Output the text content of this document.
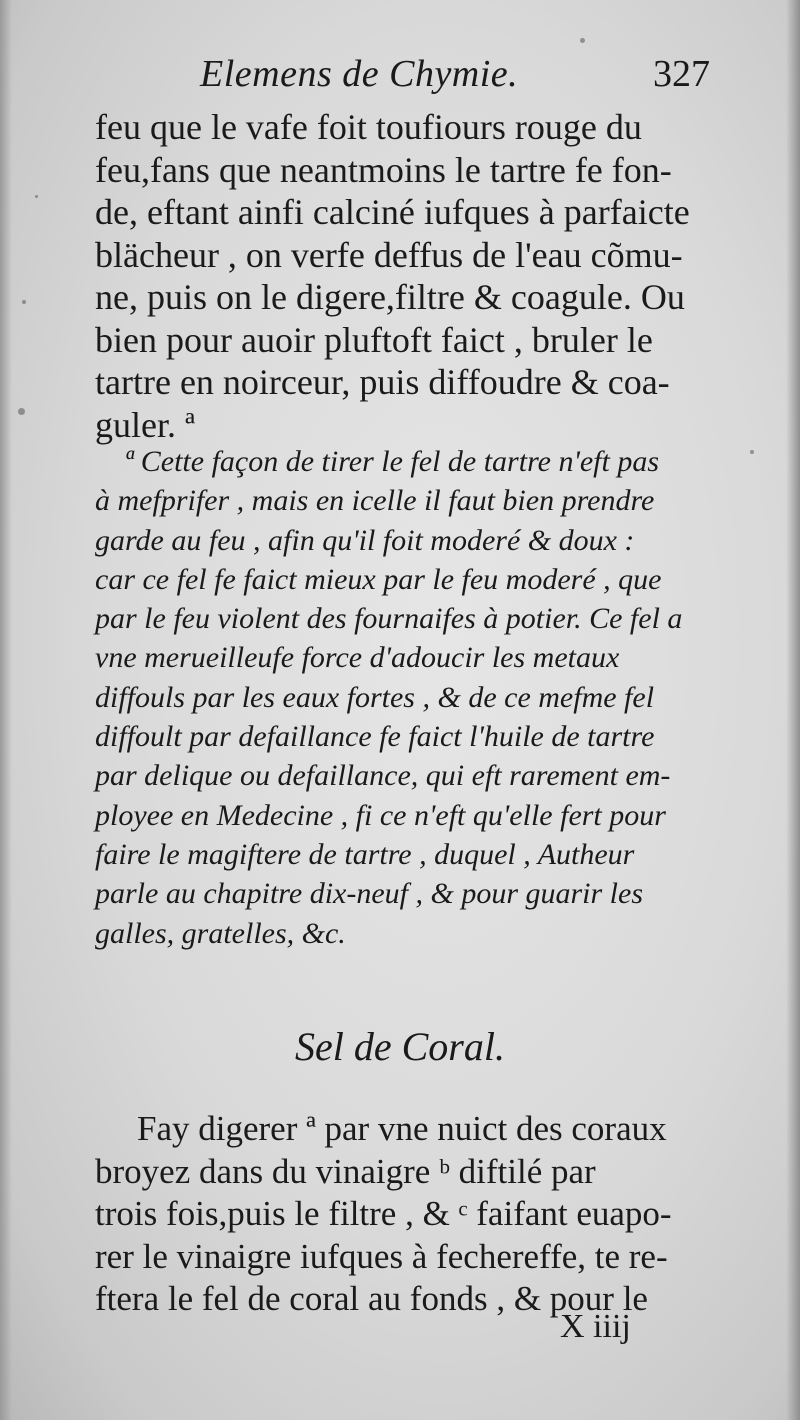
Elemens de Chymie.	327
feu que le vafe foit toufiours rouge du
feu,fans que neantmoins le tartre fe fon-
de, eftant ainfi calciné iufques à parfaicte
blächeur , on verfe deffus de l'eau cõmu-
ne, puis on le digere,filtre & coagule. Ou
bien pour auoir pluftoft faict , bruler le
tartre en noirceur, puis diffoudre & coa-
guler. ª
ª Cette façon de tirer le fel de tartre n'eft pas
à mefprifer , mais en icelle il faut bien prendre
garde au feu , afin qu'il foit moderé & doux :
car ce fel fe faict mieux par le feu moderé , que
par le feu violent des fournaifes à potier. Ce fel a
vne merueilleufe force d'adoucir les metaux
diffouls par les eaux fortes , & de ce mefme fel
diffoult par defaillance fe faict l'huile de tartre
par delique ou defaillance, qui eft rarement em-
ployee en Medecine , fi ce n'eft qu'elle fert pour
faire le magiftere de tartre , duquel , Autheur
parle au chapitre dix-neuf , & pour guarir les
galles, gratelles, &c.
Sel de Coral.
Fay digerer ª par vne nuict des coraux
broyez dans du vinaigre ᵇ diftilé par
trois fois,puis le filtre , & ᶜ faifant euapo-
rer le vinaigre iufques à fechereffe, te re-
ftera le fel de coral au fonds , & pour le
X iiij
